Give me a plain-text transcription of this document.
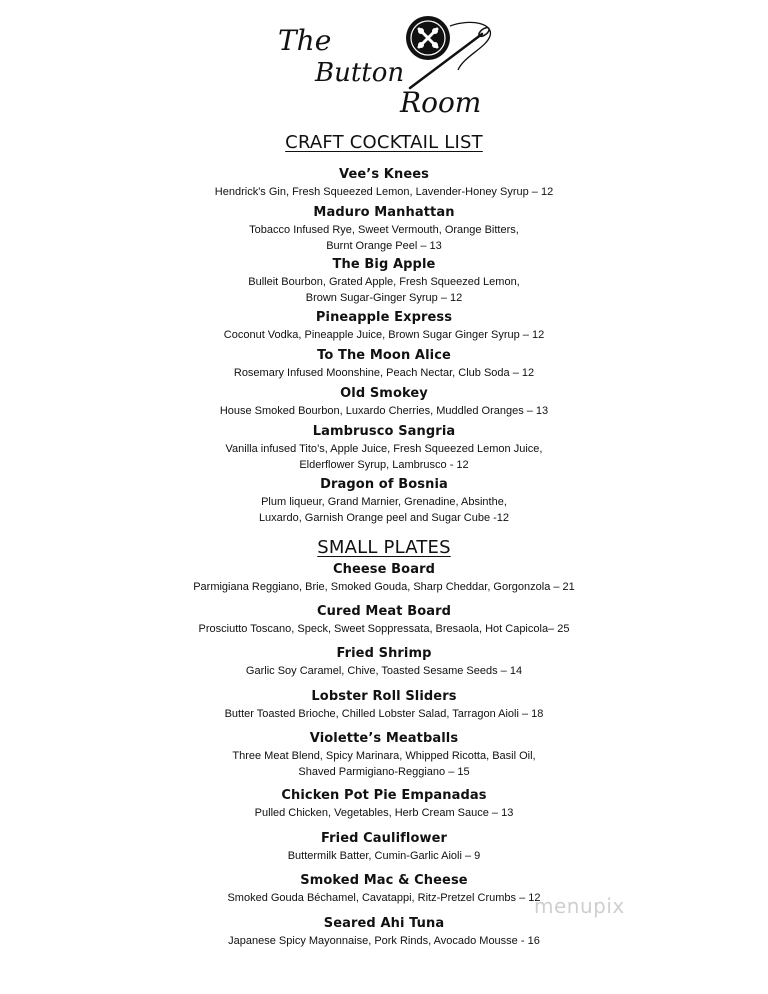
The
Button
Room
CRAFT COCKTAIL LIST
Vee’s Knees
Hendrick's Gin, Fresh Squeezed Lemon, Lavender-Honey Syrup – 12
Maduro Manhattan
Tobacco Infused Rye, Sweet Vermouth, Orange Bitters,
Burnt Orange Peel – 13
The Big Apple
Bulleit Bourbon, Grated Apple, Fresh Squeezed Lemon,
Brown Sugar-Ginger Syrup – 12
Pineapple Express
Coconut Vodka, Pineapple Juice, Brown Sugar Ginger Syrup – 12
To The Moon Alice
Rosemary Infused Moonshine, Peach Nectar, Club Soda – 12
Old Smokey
House Smoked Bourbon, Luxardo Cherries, Muddled Oranges – 13
Lambrusco Sangria
Vanilla infused Tito’s, Apple Juice, Fresh Squeezed Lemon Juice,
Elderflower Syrup, Lambrusco - 12
Dragon of Bosnia
Plum liqueur, Grand Marnier, Grenadine, Absinthe,
Luxardo, Garnish Orange peel and Sugar Cube -12
SMALL PLATES
Cheese Board
Parmigiana Reggiano, Brie, Smoked Gouda, Sharp Cheddar, Gorgonzola – 21
Cured Meat Board
Prosciutto Toscano, Speck, Sweet Soppressata, Bresaola, Hot Capicola– 25
Fried Shrimp
Garlic Soy Caramel, Chive, Toasted Sesame Seeds – 14
Lobster Roll Sliders
Butter Toasted Brioche, Chilled Lobster Salad, Tarragon Aioli – 18
Violette’s Meatballs
Three Meat Blend, Spicy Marinara, Whipped Ricotta, Basil Oil,
Shaved Parmigiano-Reggiano – 15
Chicken Pot Pie Empanadas
Pulled Chicken, Vegetables, Herb Cream Sauce – 13
Fried Cauliflower
Buttermilk Batter, Cumin-Garlic Aioli – 9
Smoked Mac & Cheese
Smoked Gouda Béchamel, Cavatappi, Ritz-Pretzel Crumbs – 12
Seared Ahi Tuna
Japanese Spicy Mayonnaise, Pork Rinds, Avocado Mousse - 16
menupix
